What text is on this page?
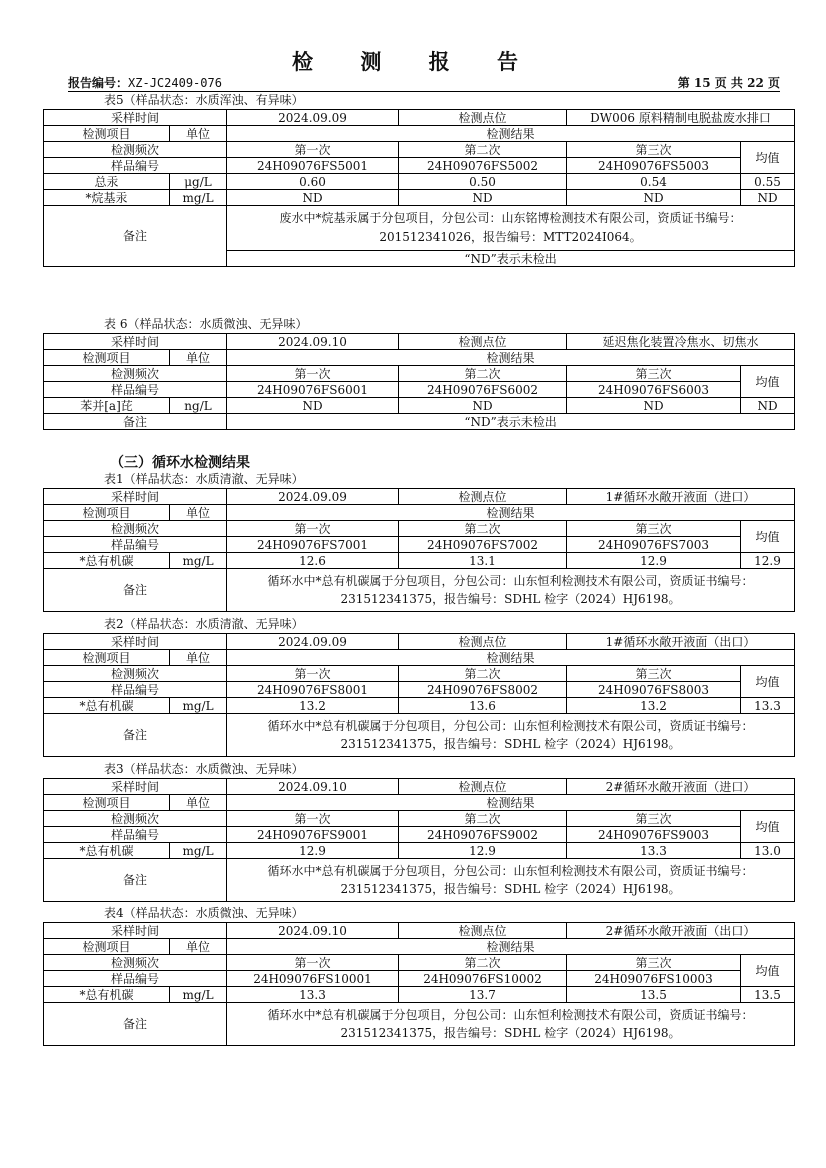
检 测 报 告
报告编号：XZ-JC2409-076	第 15 页 共 22 页
表5（样品状态：水质浑浊、有异味）
采样时间		2024.09.09	检测点位	DW006 原料精制电脱盐废水排口	
检测项目	单位	检测结果			
检测频次		第一次	第二次	第三次	均值
样品编号		24H09076FS5001	24H09076FS5002	24H09076FS5003	
总汞	μg/L	0.60	0.50	0.54	0.55
*烷基汞	mg/L	ND	ND	ND	ND
备注		废水中*烷基汞属于分包项目，分包公司：山东铭博检测技术有限公司，资质证书编号：201512341026，报告编号：MTT2024I064。			
		“ND”表示未检出			
表 6（样品状态：水质微浊、无异味）
采样时间		2024.09.10	检测点位	延迟焦化装置冷焦水、切焦水	
检测项目	单位	检测结果			
检测频次		第一次	第二次	第三次	均值
样品编号		24H09076FS6001	24H09076FS6002	24H09076FS6003	
苯并[a]芘	ng/L	ND	ND	ND	ND
备注		“ND”表示未检出			
（三）循环水检测结果
表1（样品状态：水质清澈、无异味）
采样时间		2024.09.09	检测点位	1#循环水敞开液面（进口）	
检测项目	单位	检测结果			
检测频次		第一次	第二次	第三次	均值
样品编号		24H09076FS7001	24H09076FS7002	24H09076FS7003	
*总有机碳	mg/L	12.6	13.1	12.9	12.9
备注		循环水中*总有机碳属于分包项目，分包公司：山东恒利检测技术有限公司，资质证书编号：231512341375，报告编号：SDHL 检字（2024）HJ6198。			
表2（样品状态：水质清澈、无异味）
采样时间		2024.09.09	检测点位	1#循环水敞开液面（出口）	
检测项目	单位	检测结果			
检测频次		第一次	第二次	第三次	均值
样品编号		24H09076FS8001	24H09076FS8002	24H09076FS8003	
*总有机碳	mg/L	13.2	13.6	13.2	13.3
备注		循环水中*总有机碳属于分包项目，分包公司：山东恒利检测技术有限公司，资质证书编号：231512341375，报告编号：SDHL 检字（2024）HJ6198。			
表3（样品状态：水质微浊、无异味）
采样时间		2024.09.10	检测点位	2#循环水敞开液面（进口）	
检测项目	单位	检测结果			
检测频次		第一次	第二次	第三次	均值
样品编号		24H09076FS9001	24H09076FS9002	24H09076FS9003	
*总有机碳	mg/L	12.9	12.9	13.3	13.0
备注		循环水中*总有机碳属于分包项目，分包公司：山东恒利检测技术有限公司，资质证书编号：231512341375，报告编号：SDHL 检字（2024）HJ6198。			
表4（样品状态：水质微浊、无异味）
采样时间		2024.09.10	检测点位	2#循环水敞开液面（出口）	
检测项目	单位	检测结果			
检测频次		第一次	第二次	第三次	均值
样品编号		24H09076FS10001	24H09076FS10002	24H09076FS10003	
*总有机碳	mg/L	13.3	13.7	13.5	13.5
备注		循环水中*总有机碳属于分包项目，分包公司：山东恒利检测技术有限公司，资质证书编号：231512341375，报告编号：SDHL 检字（2024）HJ6198。			
